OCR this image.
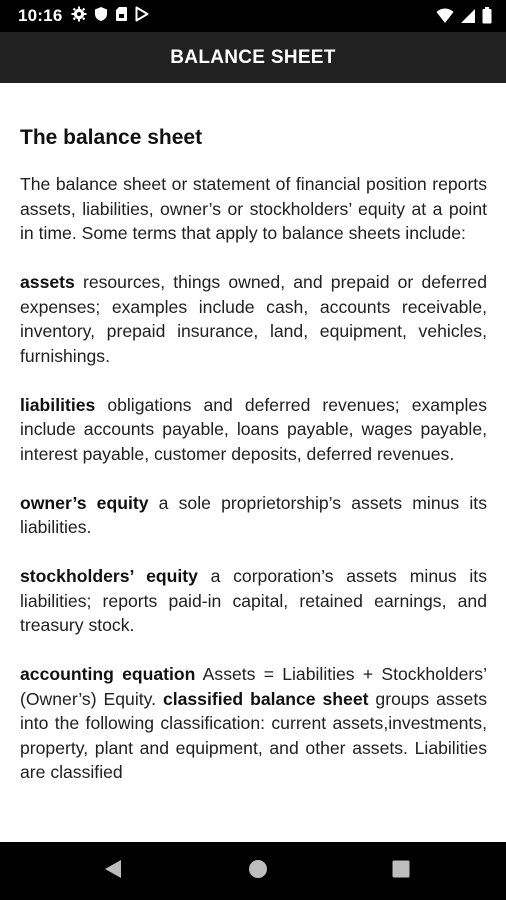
10:16
BALANCE SHEET
The balance sheet

The balance sheet or statement of financial position reports assets, liabilities, owner’s or stockholders’ equity at a point in time. Some terms that apply to balance sheets include:

assets resources, things owned, and prepaid or deferred expenses; examples include cash, accounts receivable, inventory, prepaid insurance, land, equipment, vehicles, furnishings.

liabilities obligations and deferred revenues; examples include accounts payable, loans payable, wages payable, interest payable, customer deposits, deferred revenues.

owner’s equity a sole proprietorship’s assets minus its liabilities.

stockholders’ equity a corporation’s assets minus its liabilities; reports paid-in capital, retained earnings, and treasury stock.

accounting equation Assets = Liabilities + Stockholders’ (Owner’s) Equity. classified balance sheet groups assets into the following classification: current assets,investments, property, plant and equipment, and other assets. Liabilities are classified
